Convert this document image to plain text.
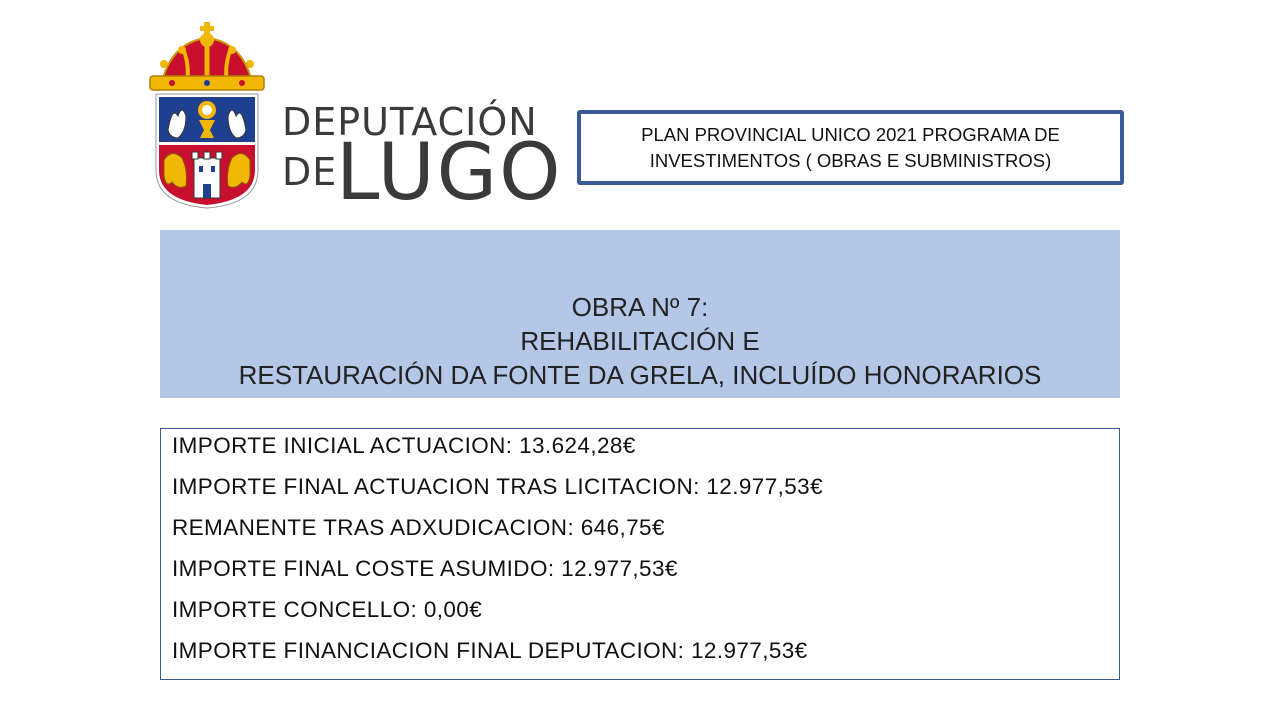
DEPUTACIÓN
DE
LUGO	PLAN PROVINCIAL UNICO 2021 PROGRAMA DE
INVESTIMENTOS ( OBRAS E SUBMINISTROS)
OBRA Nº 7:
REHABILITACIÓN E
RESTAURACIÓN DA FONTE DA GRELA, INCLUÍDO HONORARIOS
IMPORTE INICIAL ACTUACION: 13.624,28€
IMPORTE FINAL ACTUACION TRAS LICITACION: 12.977,53€
REMANENTE TRAS ADXUDICACION: 646,75€
IMPORTE FINAL COSTE ASUMIDO: 12.977,53€
IMPORTE CONCELLO: 0,00€
IMPORTE FINANCIACION FINAL DEPUTACION: 12.977,53€
